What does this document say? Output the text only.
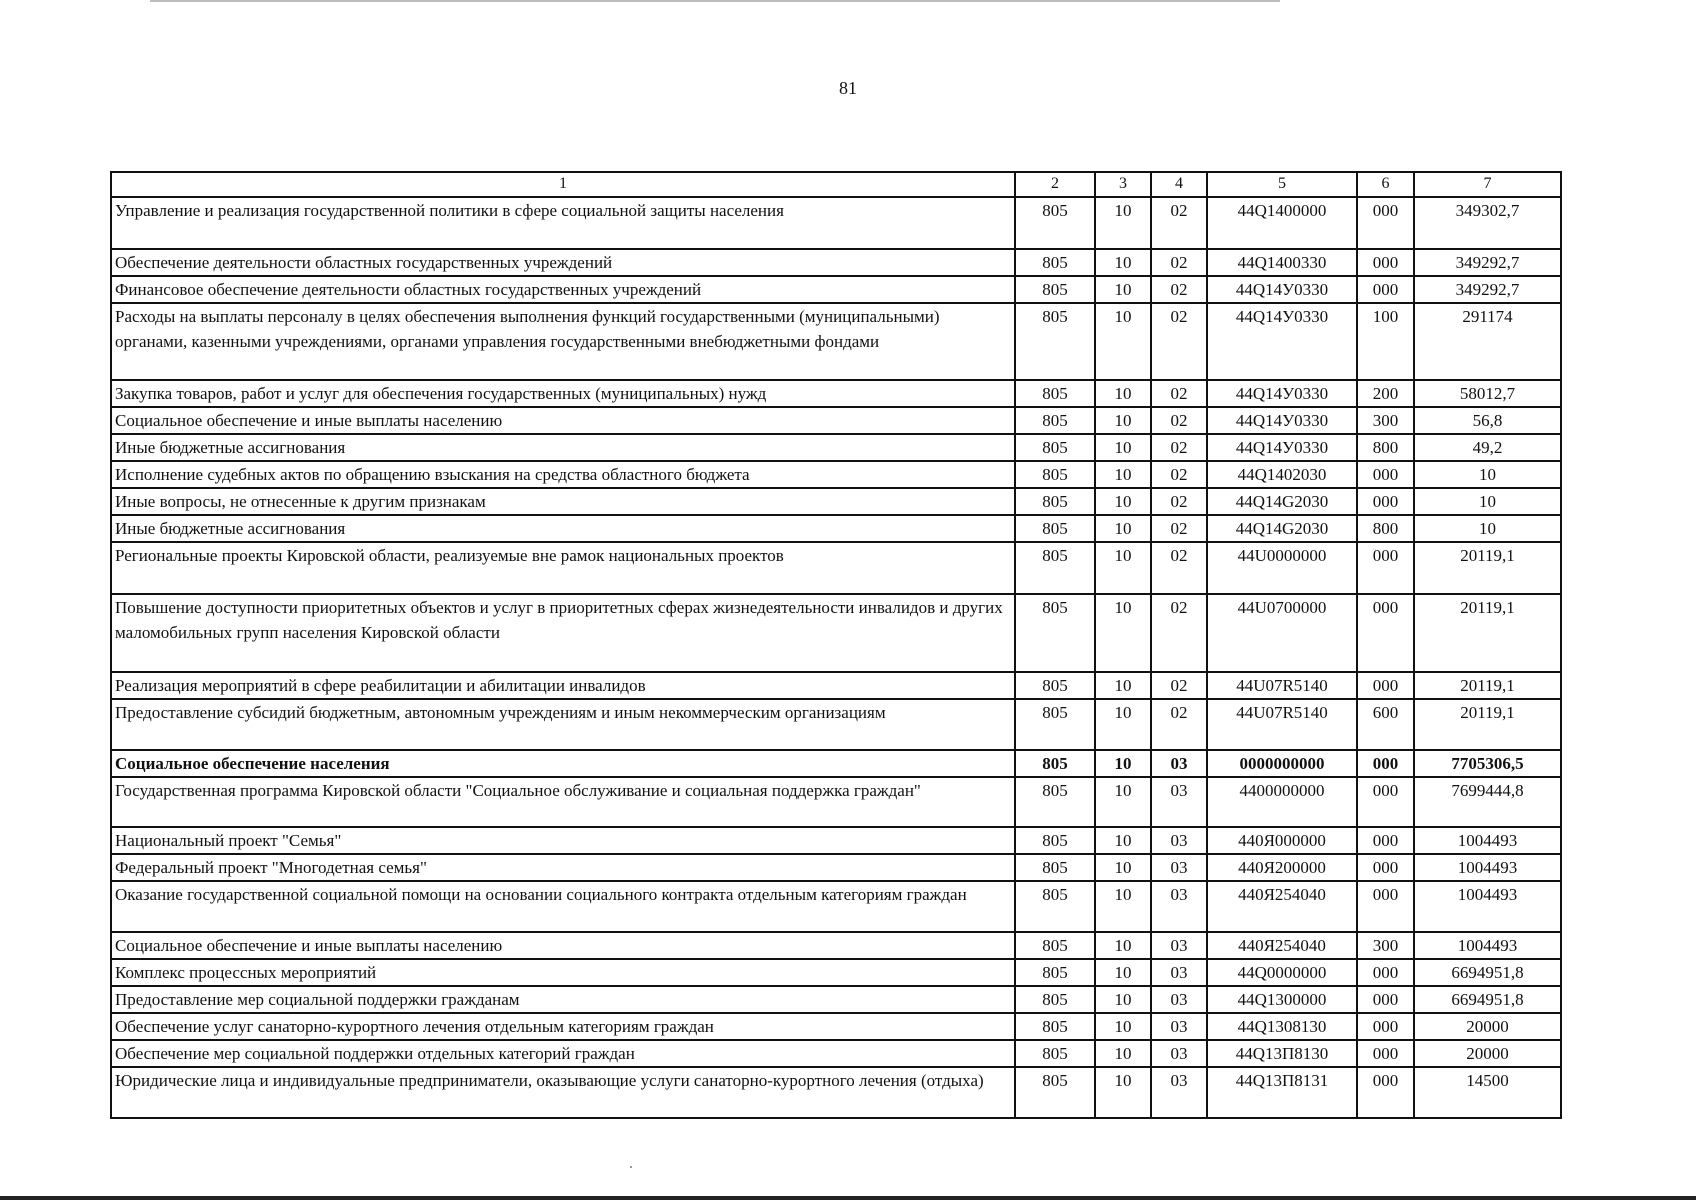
81
1	2	3	4	5	6	7
Управление и реализация государственной политики в сфере социальной защиты населения	805	10	02	44Q1400000	000	349302,7
Обеспечение деятельности областных государственных учреждений	805	10	02	44Q1400330	000	349292,7
Финансовое обеспечение деятельности областных государственных учреждений	805	10	02	44Q14У0330	000	349292,7
Расходы на выплаты персоналу в целях обеспечения выполнения функций государственными (муниципальными) органами, казенными учреждениями, органами управления государственными внебюджетными фондами	805	10	02	44Q14У0330	100	291174
Закупка товаров, работ и услуг для обеспечения государственных (муниципальных) нужд	805	10	02	44Q14У0330	200	58012,7
Социальное обеспечение и иные выплаты населению	805	10	02	44Q14У0330	300	56,8
Иные бюджетные ассигнования	805	10	02	44Q14У0330	800	49,2
Исполнение судебных актов по обращению взыскания на средства областного бюджета	805	10	02	44Q1402030	000	10
Иные вопросы, не отнесенные к другим признакам	805	10	02	44Q14G2030	000	10
Иные бюджетные ассигнования	805	10	02	44Q14G2030	800	10
Региональные проекты Кировской области, реализуемые вне рамок национальных проектов	805	10	02	44U0000000	000	20119,1
Повышение доступности приоритетных объектов и услуг в приоритетных сферах жизнедеятельности инвалидов и других маломобильных групп населения Кировской области	805	10	02	44U0700000	000	20119,1
Реализация мероприятий в сфере реабилитации и абилитации инвалидов	805	10	02	44U07R5140	000	20119,1
Предоставление субсидий бюджетным, автономным учреждениям и иным некоммерческим организациям	805	10	02	44U07R5140	600	20119,1
Социальное обеспечение населения	805	10	03	0000000000	000	7705306,5
Государственная программа Кировской области "Социальное обслуживание и социальная поддержка граждан"	805	10	03	4400000000	000	7699444,8
Национальный проект "Семья"	805	10	03	440Я000000	000	1004493
Федеральный проект "Многодетная семья"	805	10	03	440Я200000	000	1004493
Оказание государственной социальной помощи на основании социального контракта отдельным категориям граждан	805	10	03	440Я254040	000	1004493
Социальное обеспечение и иные выплаты населению	805	10	03	440Я254040	300	1004493
Комплекс процессных мероприятий	805	10	03	44Q0000000	000	6694951,8
Предоставление мер социальной поддержки гражданам	805	10	03	44Q1300000	000	6694951,8
Обеспечение услуг санаторно-курортного лечения отдельным категориям граждан	805	10	03	44Q1308130	000	20000
Обеспечение мер социальной поддержки отдельных категорий граждан	805	10	03	44Q13П8130	000	20000
Юридические лица и индивидуальные предприниматели, оказывающие услуги санаторно-курортного лечения (отдыха)	805	10	03	44Q13П8131	000	14500
